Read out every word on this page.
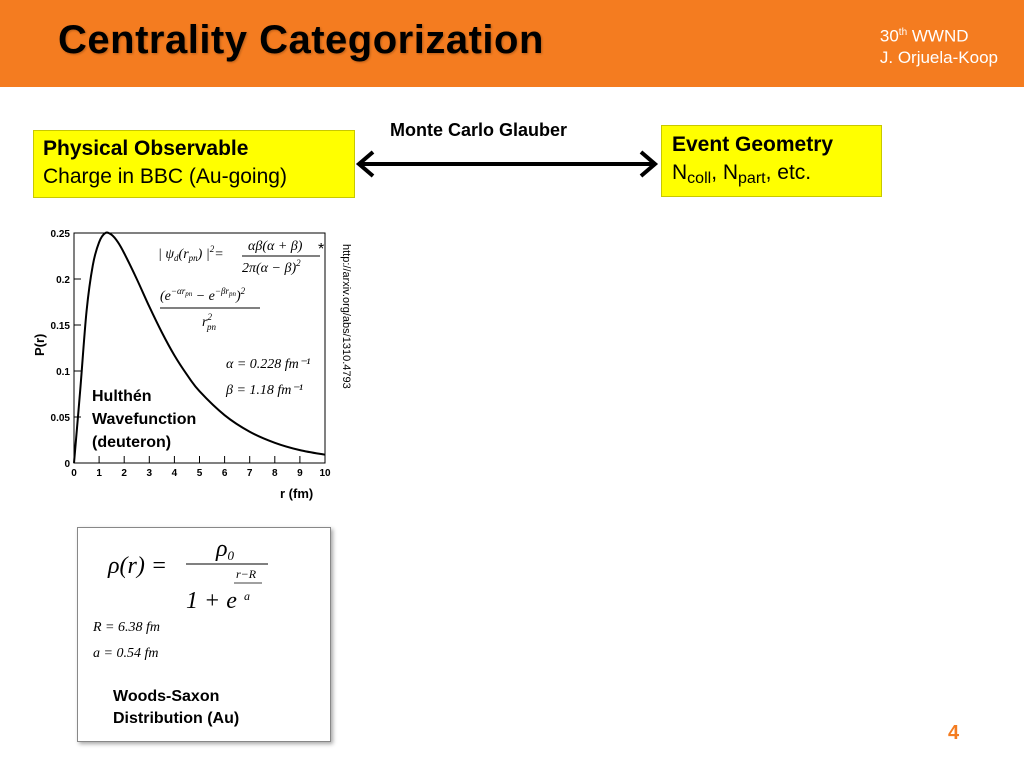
Centrality Categorization	30th WWND
J. Orjuela-Koop
Physical Observable
Charge in BBC (Au-going)
Monte Carlo Glauber
Event Geometry
Ncoll, Npart, etc.
0
0.05
0.1
0.15
0.2
0.25
0 1 2 3 4 5 6 7 8 9 10
P(r)
r (fm)
| $\psi_d(r_{pn})$ $|^2=$
αβ(α + β)
$2\pi(\alpha - \beta)^2$
$(e^{-\alpha r}pn - e^{-\beta r}pn)^2$
$r^2$ pn
*
α = 0.228 fm⁻¹
β = 1.18 fm⁻¹
Hulthén
Wavefunction
(deuteron)
http://arxiv.org/abs/1310.4793
ρ(r) =
ρ0
1 + e
r−R
a
R = 6.38 fm
a = 0.54 fm
Woods-Saxon
Distribution (Au)
4
